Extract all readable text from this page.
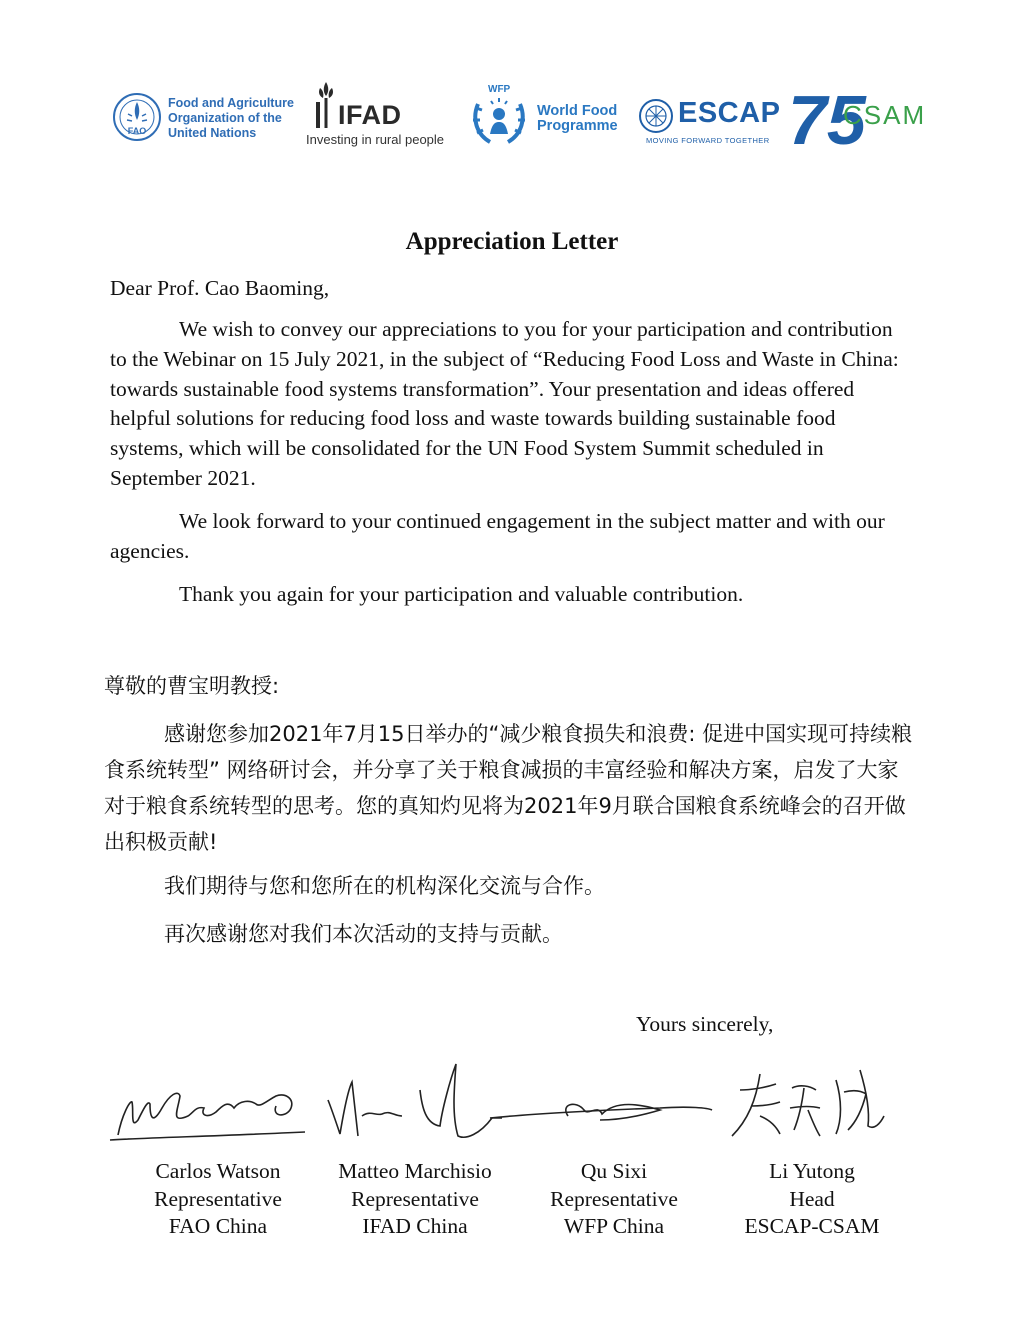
FAO
Food and Agriculture
Organization of the
United Nations
IFAD
Investing in rural people
WFP
World Food
Programme ESCAP
MOVING FORWARD TOGETHER 75
CSAM
Appreciation Letter
Dear Prof. Cao Baoming,

We wish to convey our appreciations to you for your participation and contribution to the Webinar on 15 July 2021, in the subject of “Reducing Food Loss and Waste in China: towards sustainable food systems transformation”. Your presentation and ideas offered helpful solutions for reducing food loss and waste towards building sustainable food systems, which will be consolidated for the UN Food System Summit scheduled in September 2021.

We look forward to your continued engagement in the subject matter and with our agencies.

Thank you again for your participation and valuable contribution.

尊敬的曹宝明教授:

感谢您参加2021年7月15日举办的“减少粮食损失和浪费: 促进中国实现可持续粮食系统转型” 网络研讨会，并分享了关于粮食减损的丰富经验和解决方案，启发了大家对于粮食系统转型的思考。您的真知灼见将为2021年9月联合国粮食系统峰会的召开做出积极贡献!

我们期待与您和您所在的机构深化交流与合作。

再次感谢您对我们本次活动的支持与贡献。

Yours sincerely,
Carlos Watson
Representative
FAO China
Matteo Marchisio
Representative
IFAD China
Qu Sixi
Representative
WFP China
Li Yutong
Head
ESCAP-CSAM
